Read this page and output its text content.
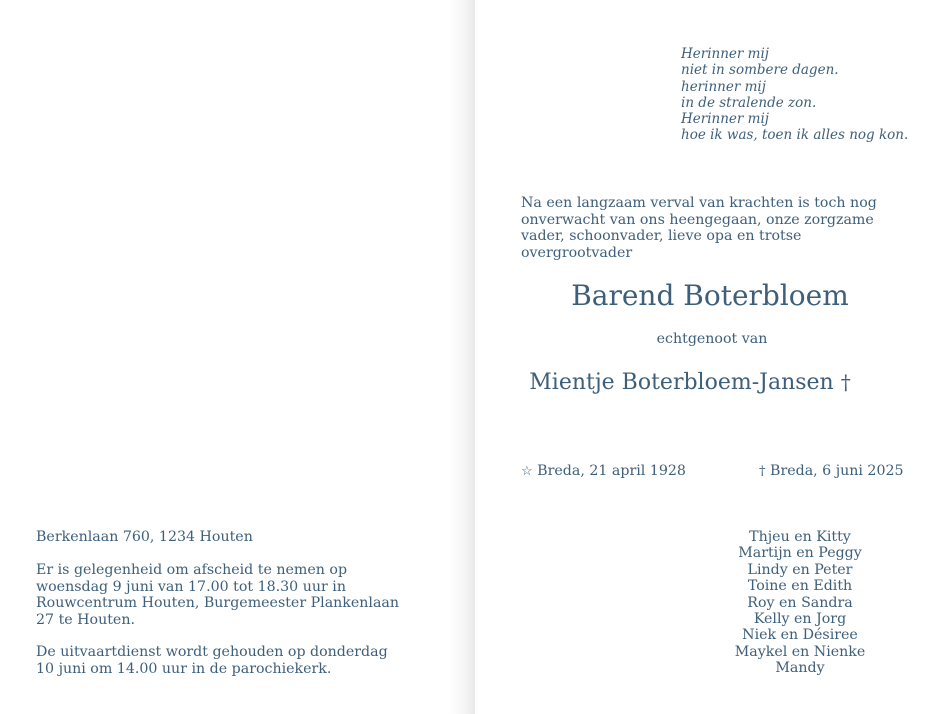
Berkenlaan 760, 1234 Houten
Er is gelegenheid om afscheid te nemen op
woensdag 9 juni van 17.00 tot 18.30 uur in
Rouwcentrum Houten, Burgemeester Plankenlaan
27 te Houten.
De uitvaartdienst wordt gehouden op donderdag
10 juni om 14.00 uur in de parochiekerk.
Herinner mij
niet in sombere dagen.
herinner mij
in de stralende zon.
Herinner mij
hoe ik was, toen ik alles nog kon.
Na een langzaam verval van krachten is toch nog
onverwacht van ons heengegaan, onze zorgzame
vader, schoonvader, lieve opa en trotse
overgrootvader
Barend Boterbloem
echtgenoot van
Mientje Boterbloem-Jansen †
☆ Breda, 21 april 1928	† Breda, 6 juni 2025
Thjeu en Kitty
Martijn en Peggy
Lindy en Peter
Toine en Edith
Roy en Sandra
Kelly en Jorg
Niek en Désiree
Maykel en Nienke
Mandy
